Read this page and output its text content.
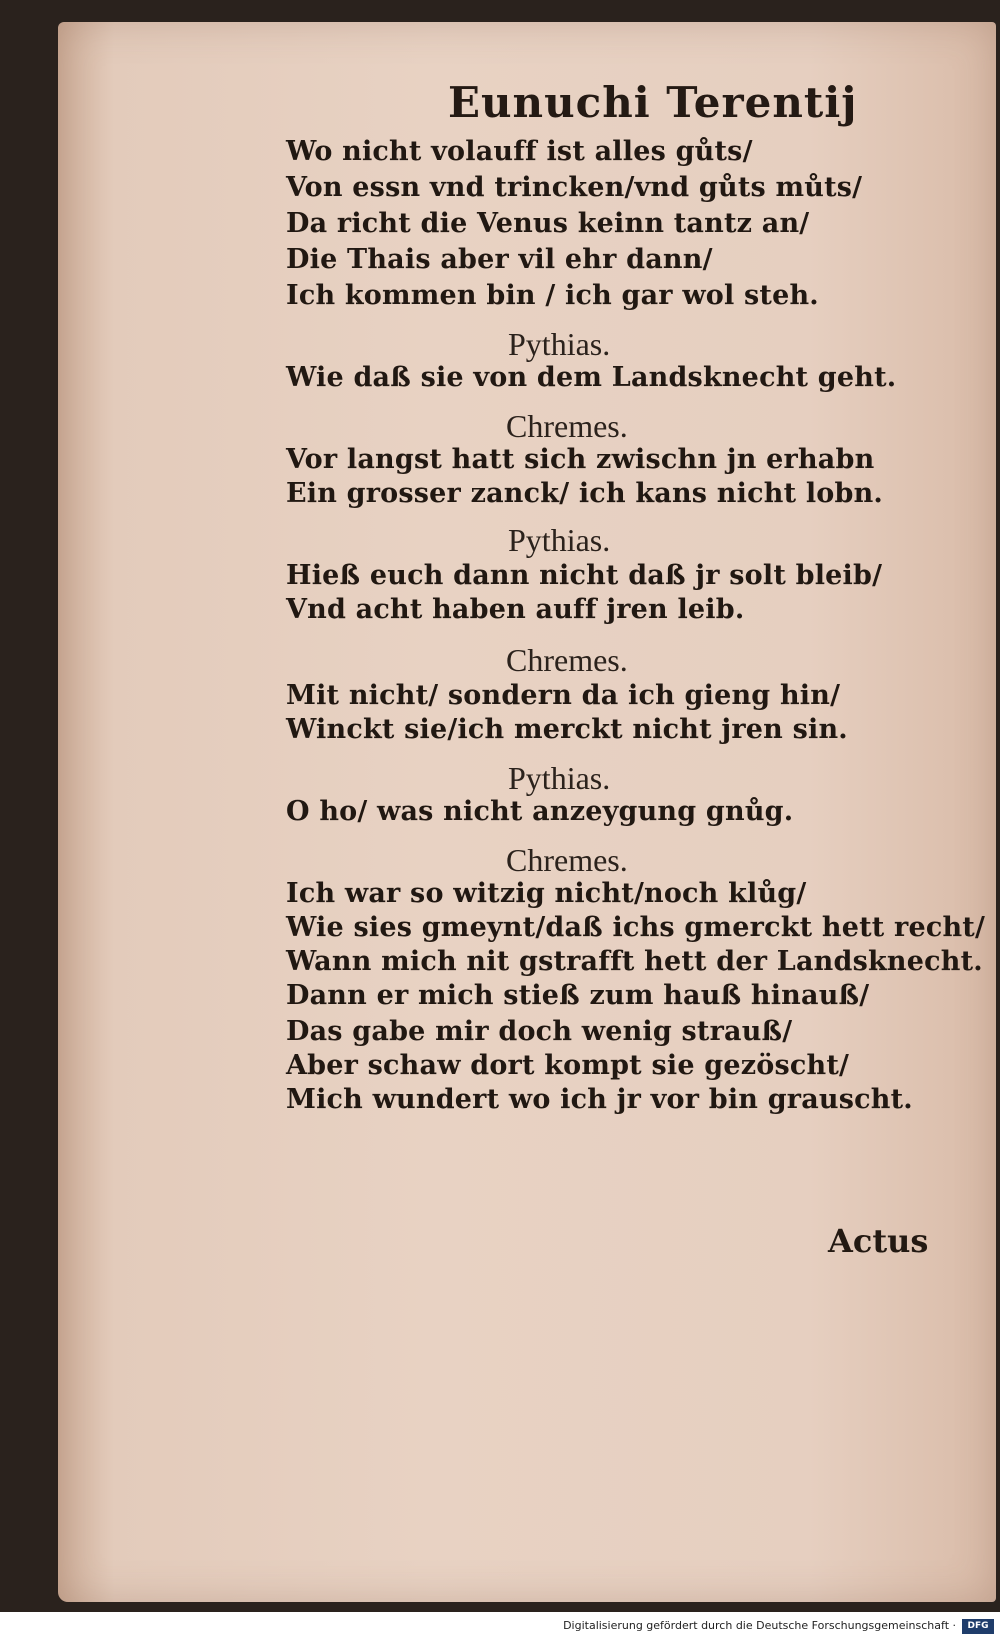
Eunuchi Terentij
Wo nicht volauff ist alles gůts/
Von essn vnd trincken/vnd gůts můts/
Da richt die Venus keinn tantz an/
Die Thais aber vil ehr dann/
Ich kommen bin / ich gar wol steh.
Pythias.
Wie daß sie von dem Landsknecht geht.
Chremes.
Vor langst hatt sich zwischn jn erhabn
Ein grosser zanck/ ich kans nicht lobn.
Pythias.
Hieß euch dann nicht daß jr solt bleib/
Vnd acht haben auff jren leib.
Chremes.
Mit nicht/ sondern da ich gieng hin/
Winckt sie/ich merckt nicht jren sin.
Pythias.
O ho/ was nicht anzeygung gnůg.
Chremes.
Ich war so witzig nicht/noch klůg/
Wie sies gmeynt/daß ichs gmerckt hett recht/
Wann mich nit gstrafft hett der Landsknecht.
Dann er mich stieß zum hauß hinauß/
Das gabe mir doch wenig strauß/
Aber schaw dort kompt sie gezöscht/
Mich wundert wo ich jr vor bin grauscht.
Actus
Digitalisierung gefördert durch die Deutsche Forschungsgemeinschaft ·	DFG
